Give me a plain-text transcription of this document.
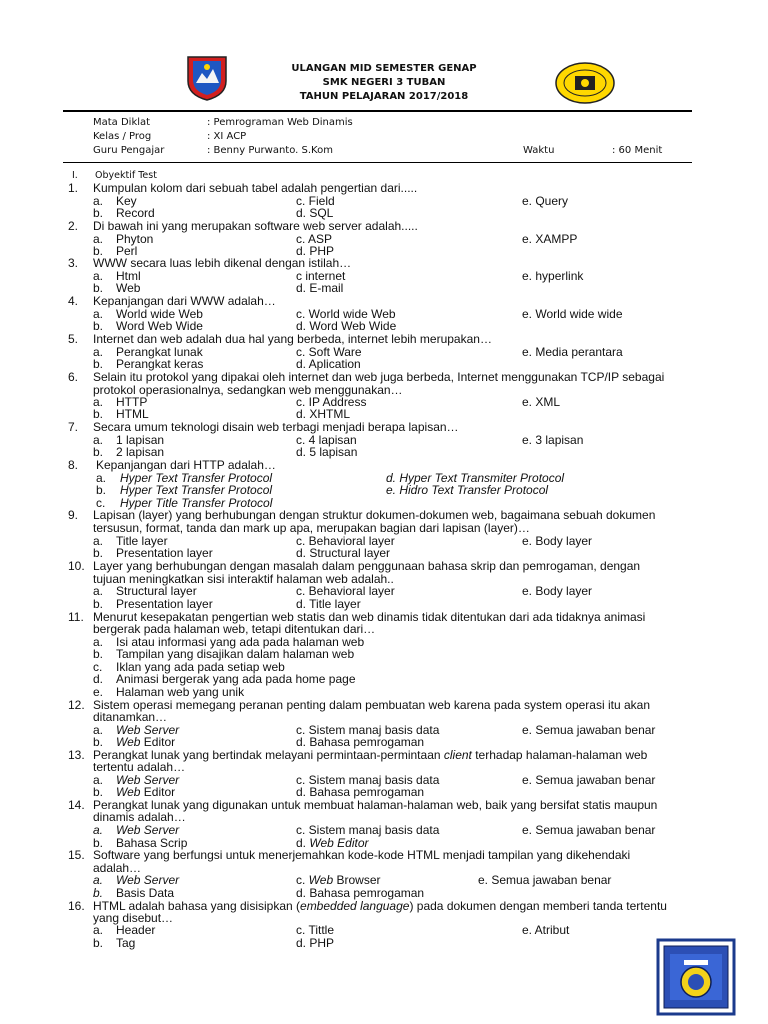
ULANGAN MID SEMESTER GENAP
SMK NEGERI 3 TUBAN
TAHUN PELAJARAN 2017/2018
Mata Diklat	: Pemrograman Web Dinamis
Kelas / Prog	: XI ACP
Guru Pengajar	: Benny Purwanto. S.Kom	Waktu	: 60 Menit
I. Obyektif Test
1. Kumpulan kolom dari sebuah tabel adalah pengertian dari.....
a. Key	c. Field	e. Query
b. Record	d. SQL
2. Di bawah ini yang merupakan software web server adalah.....
a. Phyton	c. ASP	e. XAMPP
b. Perl	d. PHP
3. WWW secara luas lebih dikenal dengan istilah…
a. Html	c internet	e. hyperlink
b. Web	d. E-mail
4. Kepanjangan dari WWW adalah…
a. World wide Web	c. World wide Web	e. World wide wide
b. Word Web Wide	d. Word Web Wide
5. Internet dan web adalah dua hal yang berbeda, internet lebih merupakan…
a. Perangkat lunak	c. Soft Ware	e. Media perantara
b. Perangkat keras	d. Aplication
6. Selain itu protokol yang dipakai oleh internet dan web juga berbeda, Internet menggunakan TCP/IP sebagai
protokol operasionalnya, sedangkan web menggunakan…
a. HTTP	c. IP Address	e. XML
b. HTML	d. XHTML
7. Secara umum teknologi disain web terbagi menjadi berapa lapisan…
a. 1 lapisan	c. 4 lapisan	e. 3 lapisan
b. 2 lapisan	d. 5 lapisan
8. Kepanjangan dari HTTP adalah…
a. Hyper Text Transfer Protocol	d. Hyper Text Transmiter Protocol
b. Hyper Text Transfer Protocol	e. Hidro Text Transfer Protocol
c. Hyper Title Transfer Protocol
9. Lapisan (layer) yang berhubungan dengan struktur dokumen-dokumen web, bagaimana sebuah dokumen
tersusun, format, tanda dan mark up apa, merupakan bagian dari lapisan (layer)…
a. Title layer	c. Behavioral layer	e. Body layer
b. Presentation layer	d. Structural layer
10. Layer yang berhubungan dengan masalah dalam penggunaan bahasa skrip dan pemrogaman, dengan
tujuan meningkatkan sisi interaktif halaman web adalah..
a. Structural layer	c. Behavioral layer	e. Body layer
b. Presentation layer	d. Title layer
11. Menurut kesepakatan pengertian web statis dan web dinamis tidak ditentukan dari ada tidaknya animasi
bergerak pada halaman web, tetapi ditentukan dari…
a. Isi atau informasi yang ada pada halaman web
b. Tampilan yang disajikan dalam halaman web
c. Iklan yang ada pada setiap web
d. Animasi bergerak yang ada pada home page
e. Halaman web yang unik
12. Sistem operasi memegang peranan penting dalam pembuatan web karena pada system operasi itu akan
ditanamkan…
a. Web Server	c. Sistem manaj basis data	e. Semua jawaban benar
b. Web Editor	d. Bahasa pemrogaman
13. Perangkat lunak yang bertindak melayani permintaan-permintaan client terhadap halaman-halaman web
tertentu adalah…
a. Web Server	c. Sistem manaj basis data	e. Semua jawaban benar
b. Web Editor	d. Bahasa pemrogaman
14. Perangkat lunak yang digunakan untuk membuat halaman-halaman web, baik yang bersifat statis maupun
dinamis adalah…
a. Web Server	c. Sistem manaj basis data	e. Semua jawaban benar
b. Bahasa Scrip	d. Web Editor
15. Software yang berfungsi untuk menerjemahkan kode-kode HTML menjadi tampilan yang dikehendaki
adalah…
a. Web Server	c. Web Browser	e. Semua jawaban benar
b. Basis Data	d. Bahasa pemrogaman
16. HTML adalah bahasa yang disisipkan (embedded language) pada dokumen dengan memberi tanda tertentu
yang disebut…
a. Header	c. Tittle	e. Atribut
b. Tag	d. PHP
